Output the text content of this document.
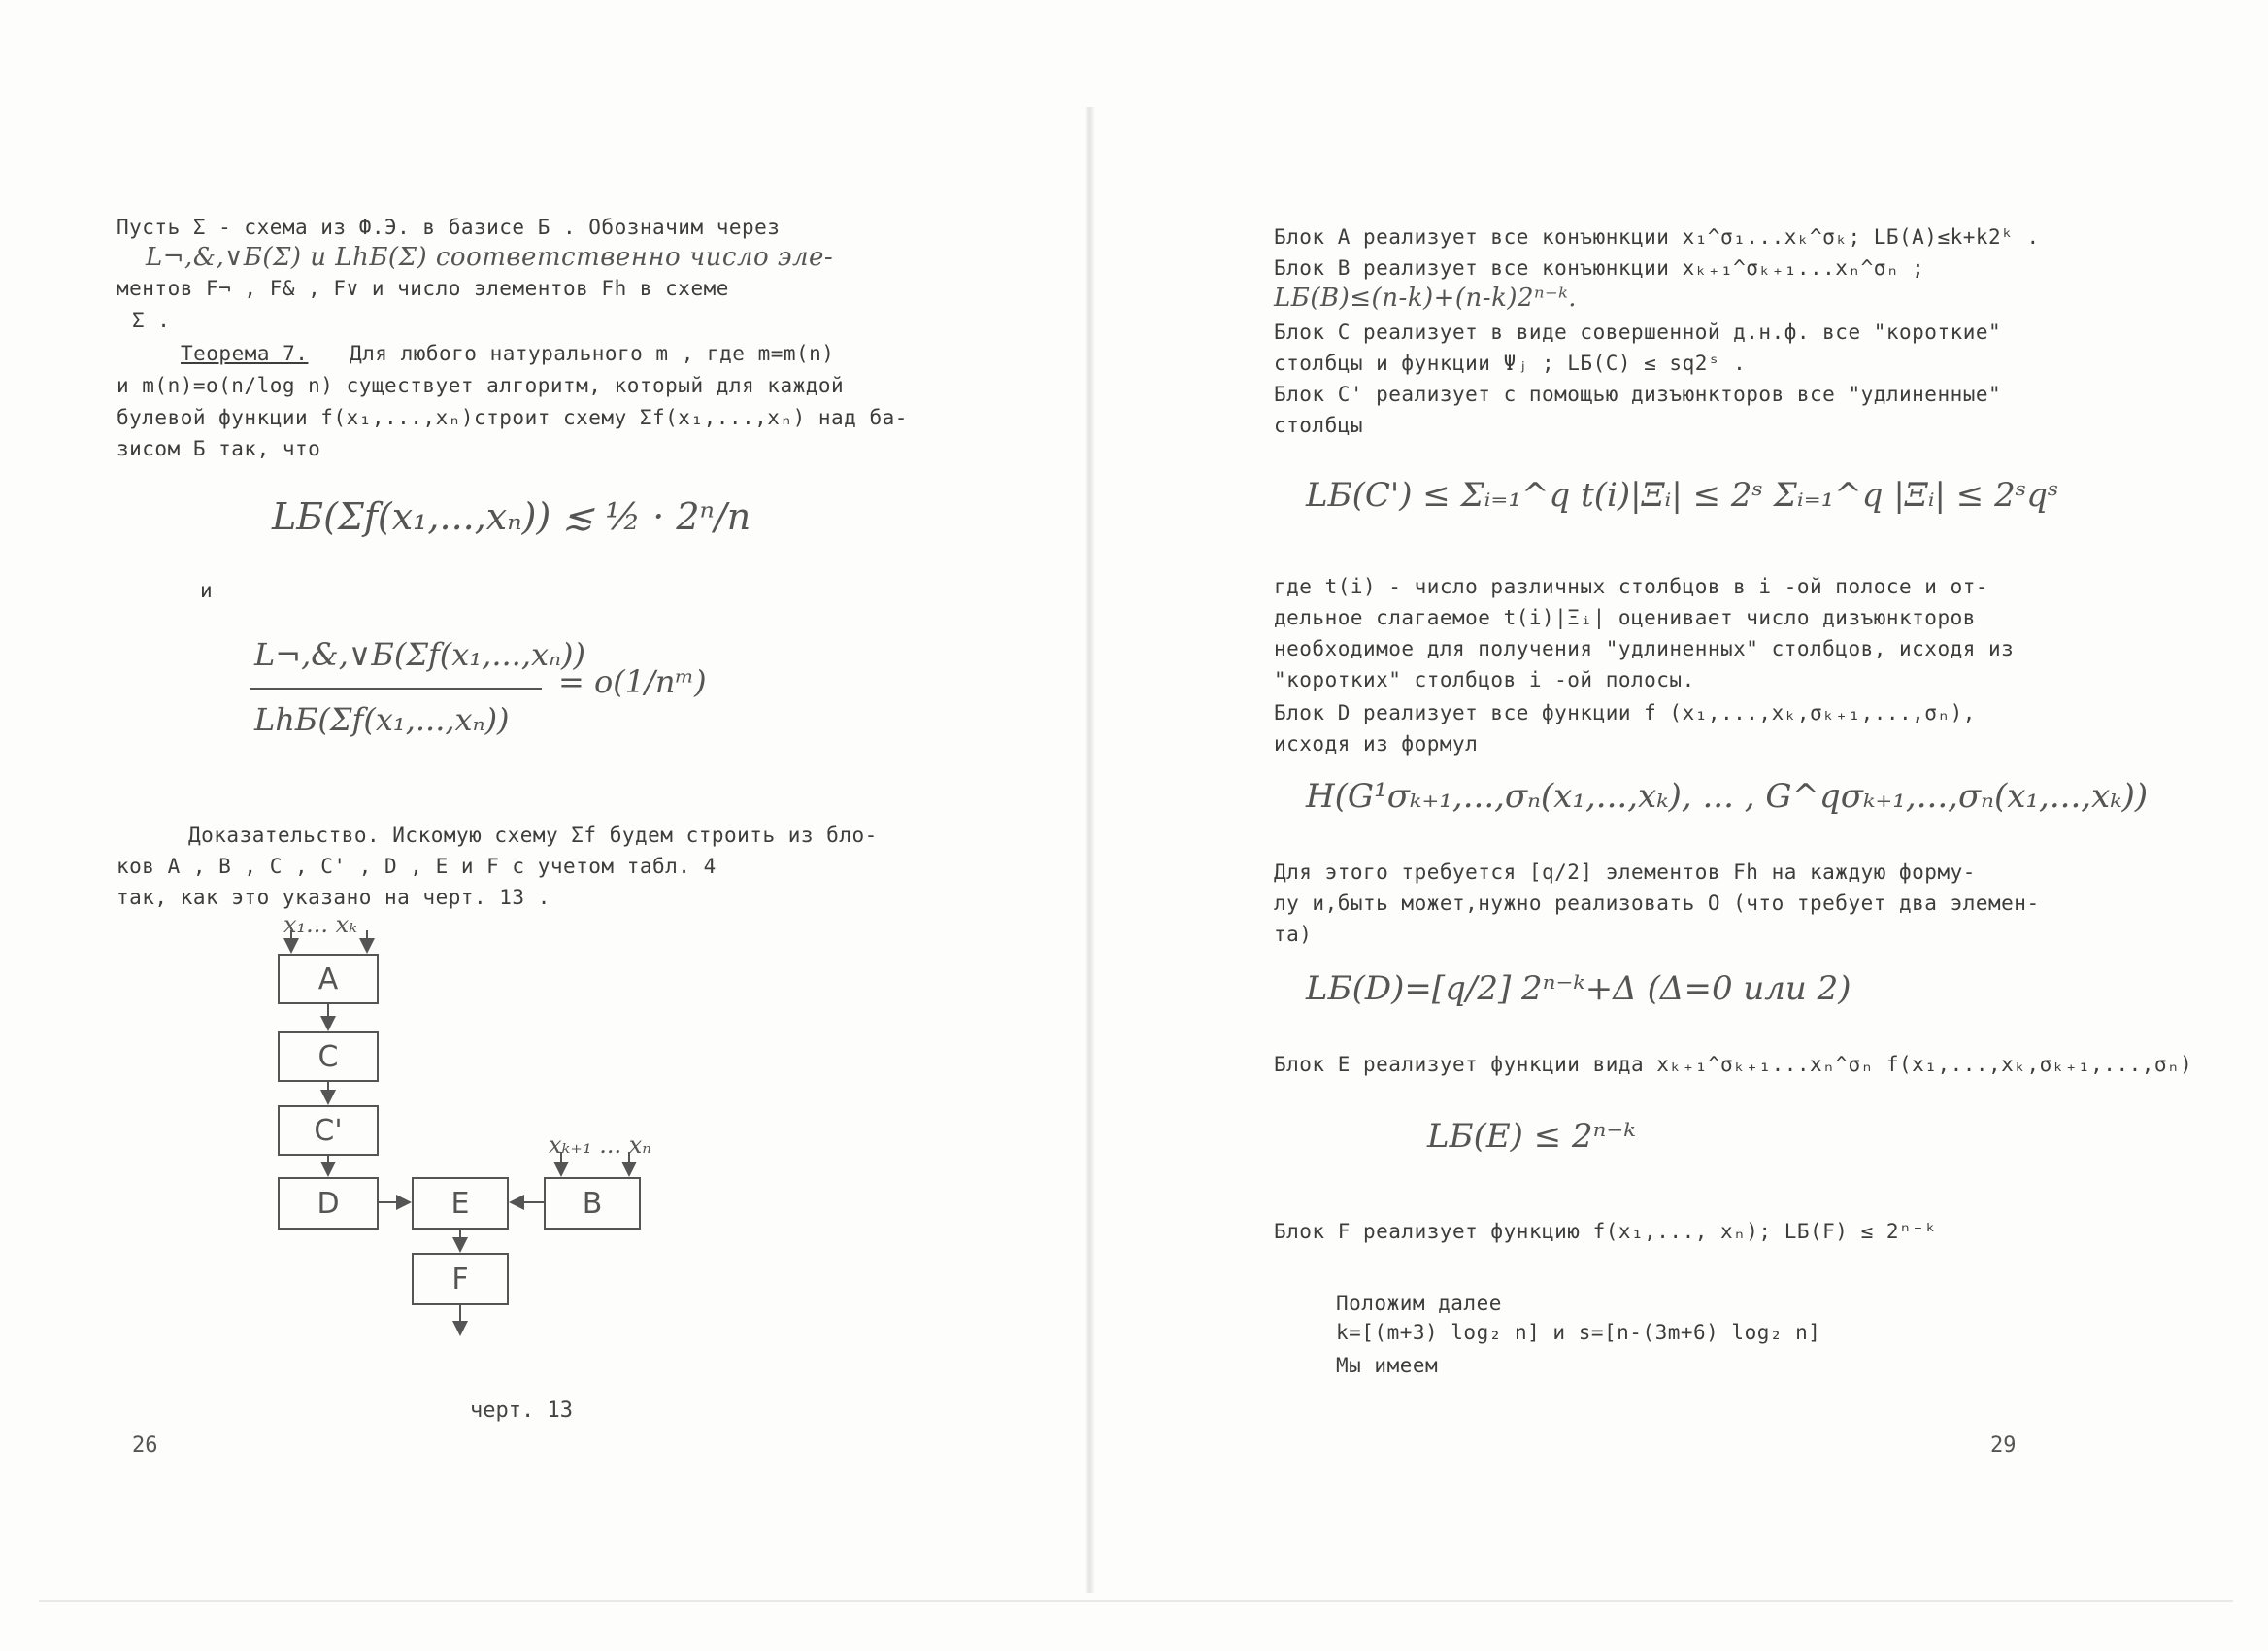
Пусть Σ - схема из Ф.Э. в базисе Б . Обозначим через
L¬,&,∨Б(Σ) и LhБ(Σ) соответственно число эле-
ментов F¬ , F& , F∨ и число элементов Fh в схеме
Σ .
Теорема 7. Для любого натурального m , где m=m(n)
и m(n)=o(n/log n) существует алгоритм, который для каждой
булевой функции f(x₁,...,xₙ)строит схему Σf(x₁,...,xₙ) над ба-
зисом Б так, что
LБ(Σf(x₁,...,xₙ)) ≲ ½ · 2ⁿ/n
и
L¬,&,∨Б(Σf(x₁,...,xₙ))
LhБ(Σf(x₁,...,xₙ))
= o(1/nᵐ)
Доказательство. Искомую схему Σf будем строить из бло-
ков A , B , C , C' , D , E и F с учетом табл. 4
так, как это указано на черт. 13 .
x₁... xₖ
xₖ₊₁ ... xₙ
A
C
C'
D	E	B
F
черт. 13
26
Блок A реализует все конъюнкции x₁^σ₁...xₖ^σₖ; LБ(A)≤k+k2ᵏ .
Блок B реализует все конъюнкции xₖ₊₁^σₖ₊₁...xₙ^σₙ ;
LБ(B)≤(n-k)+(n-k)2ⁿ⁻ᵏ.
Блок C реализует в виде совершенной д.н.ф. все "короткие"
столбцы и функции Ψⱼ ; LБ(C) ≤ sq2ˢ .
Блок C' реализует с помощью дизъюнкторов все "удлиненные"
столбцы
LБ(C') ≤ Σᵢ₌₁^q t(i)|Ξᵢ| ≤ 2ˢ Σᵢ₌₁^q |Ξᵢ| ≤ 2ˢqˢ
где t(i) - число различных столбцов в i -ой полосе и от-
дельное слагаемое t(i)|Ξᵢ| оценивает число дизъюнкторов
необходимое для получения "удлиненных" столбцов, исходя из
"коротких" столбцов i -ой полосы.
Блок D реализует все функции f (x₁,...,xₖ,σₖ₊₁,...,σₙ),
исходя из формул
H(G¹σₖ₊₁,...,σₙ(x₁,...,xₖ), ... , G^qσₖ₊₁,...,σₙ(x₁,...,xₖ))
Для этого требуется [q/2] элементов Fh на каждую форму-
лу и,быть может,нужно реализовать O (что требует два элемен-
та)
LБ(D)=[q/2] 2ⁿ⁻ᵏ+Δ (Δ=0 или 2)
Блок E реализует функции вида xₖ₊₁^σₖ₊₁...xₙ^σₙ f(x₁,...,xₖ,σₖ₊₁,...,σₙ)
LБ(E) ≤ 2ⁿ⁻ᵏ
Блок F реализует функцию f(x₁,..., xₙ); LБ(F) ≤ 2ⁿ⁻ᵏ
Положим далее
k=[(m+3) log₂ n] и s=[n-(3m+6) log₂ n]
Мы имеем
29
